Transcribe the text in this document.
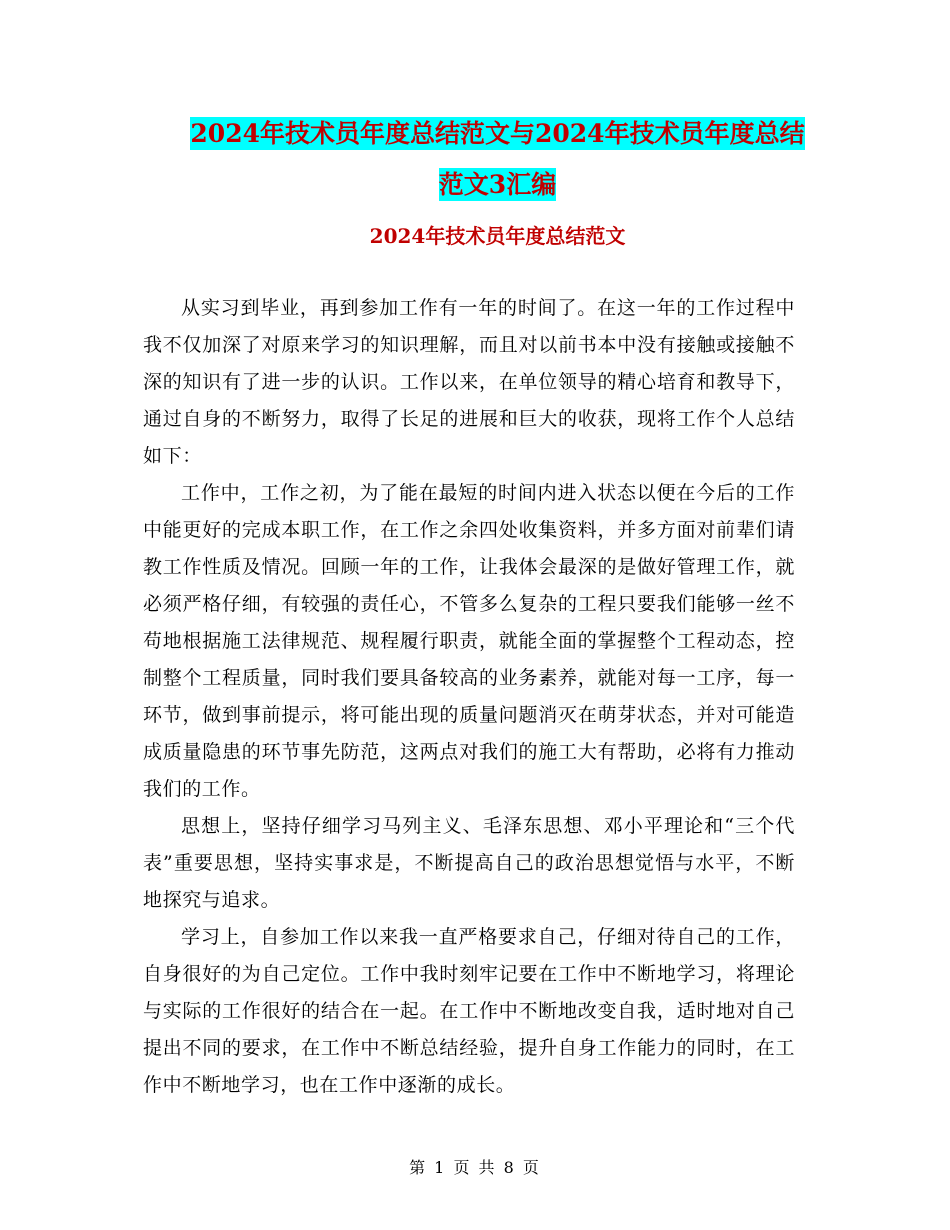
2024年技术员年度总结范文与2024年技术员年度总结
范文3汇编
2024年技术员年度总结范文

从实习到毕业，再到参加工作有一年的时间了。在这一年的工作过程中我不仅加深了对原来学习的知识理解，而且对以前书本中没有接触或接触不深的知识有了进一步的认识。工作以来，在单位领导的精心培育和教导下，通过自身的不断努力，取得了长足的进展和巨大的收获，现将工作个人总结如下：

工作中，工作之初，为了能在最短的时间内进入状态以便在今后的工作中能更好的完成本职工作，在工作之余四处收集资料，并多方面对前辈们请教工作性质及情况。回顾一年的工作，让我体会最深的是做好管理工作，就必须严格仔细，有较强的责任心，不管多么复杂的工程只要我们能够一丝不苟地根据施工法律规范、规程履行职责，就能全面的掌握整个工程动态，控制整个工程质量，同时我们要具备较高的业务素养，就能对每一工序，每一环节，做到事前提示，将可能出现的质量问题消灭在萌芽状态，并对可能造成质量隐患的环节事先防范，这两点对我们的施工大有帮助，必将有力推动我们的工作。

思想上，坚持仔细学习马列主义、毛泽东思想、邓小平理论和“三个代表”重要思想，坚持实事求是，不断提高自己的政治思想觉悟与水平，不断地探究与追求。

学习上，自参加工作以来我一直严格要求自己，仔细对待自己的工作，自身很好的为自己定位。工作中我时刻牢记要在工作中不断地学习，将理论与实际的工作很好的结合在一起。在工作中不断地改变自我，适时地对自己提出不同的要求，在工作中不断总结经验，提升自身工作能力的同时，在工作中不断地学习，也在工作中逐渐的成长。

第 1 页 共 8 页
